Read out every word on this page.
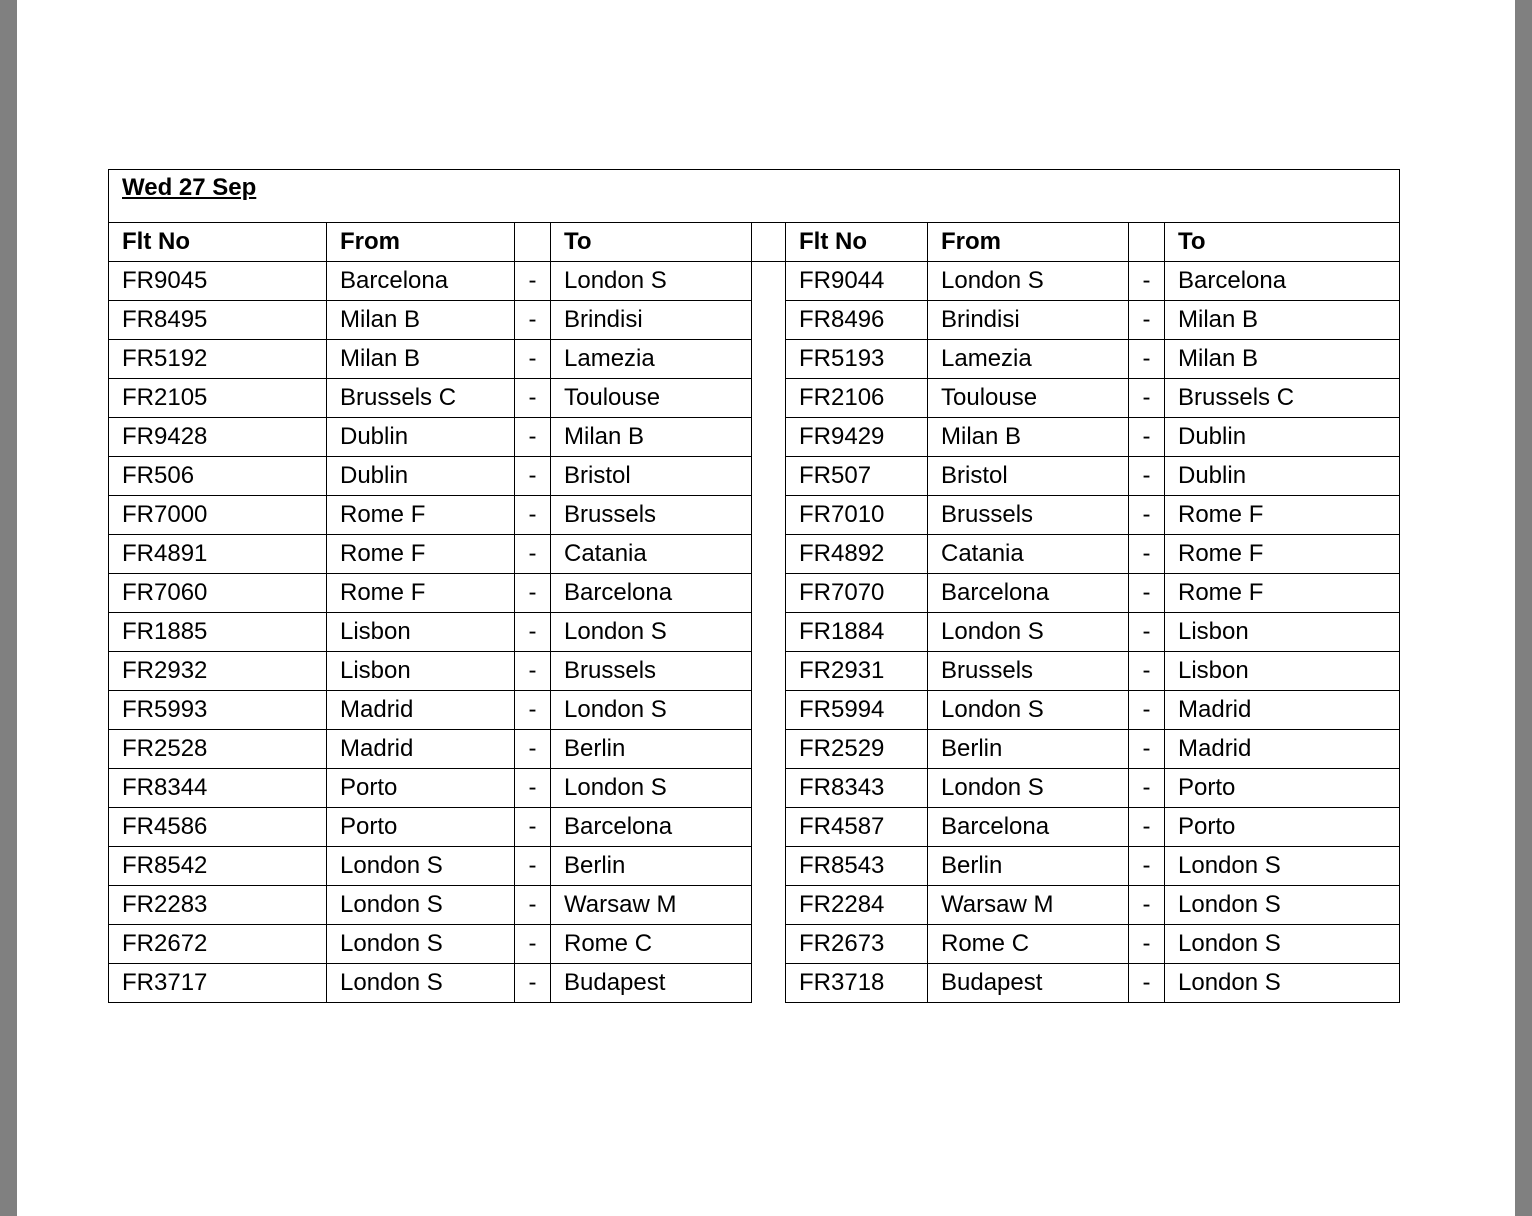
Wed 27 Sep								
Flt No	From		To		Flt No	From		To
FR9045	Barcelona	-	London S		FR9044	London S	-	Barcelona
FR8495	Milan B	-	Brindisi		FR8496	Brindisi	-	Milan B
FR5192	Milan B	-	Lamezia		FR5193	Lamezia	-	Milan B
FR2105	Brussels C	-	Toulouse		FR2106	Toulouse	-	Brussels C
FR9428	Dublin	-	Milan B		FR9429	Milan B	-	Dublin
FR506	Dublin	-	Bristol		FR507	Bristol	-	Dublin
FR7000	Rome F	-	Brussels		FR7010	Brussels	-	Rome F
FR4891	Rome F	-	Catania		FR4892	Catania	-	Rome F
FR7060	Rome F	-	Barcelona		FR7070	Barcelona	-	Rome F
FR1885	Lisbon	-	London S		FR1884	London S	-	Lisbon
FR2932	Lisbon	-	Brussels		FR2931	Brussels	-	Lisbon
FR5993	Madrid	-	London S		FR5994	London S	-	Madrid
FR2528	Madrid	-	Berlin		FR2529	Berlin	-	Madrid
FR8344	Porto	-	London S		FR8343	London S	-	Porto
FR4586	Porto	-	Barcelona		FR4587	Barcelona	-	Porto
FR8542	London S	-	Berlin		FR8543	Berlin	-	London S
FR2283	London S	-	Warsaw M		FR2284	Warsaw M	-	London S
FR2672	London S	-	Rome C		FR2673	Rome C	-	London S
FR3717	London S	-	Budapest		FR3718	Budapest	-	London S
